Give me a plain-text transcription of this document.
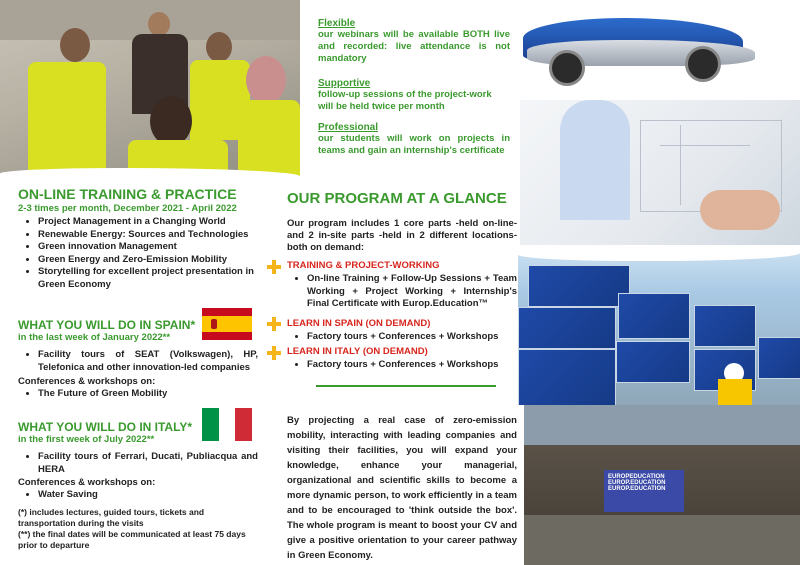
EUROPEDUCATION
EUROP.EDUCATION
EUROP.EDUCATION
Flexible
our webinars will be available BOTH live and recorded: live attendance is not mandatory
Supportive
follow-up sessions of the project-work will be held twice per month
Professional
our students will work on projects in teams and gain an internship's certificate
ON-LINE TRAINING & PRACTICE
2-3 times per month, December 2021 - April 2022
• Project Management in a Changing World
• Renewable Energy: Sources and Technologies
• Green innovation Management
• Green Energy and Zero-Emission Mobility
• Storytelling for excellent project presentation in Green Economy
WHAT YOU WILL DO IN SPAIN*
in the last week of January 2022**
• Facility tours of SEAT (Volkswagen), HP, Telefonica and other innovation-led companies
Conferences & workshops on:
• The Future of Green Mobility
WHAT YOU WILL DO IN ITALY*
in the first week of July 2022**
• Facility tours of Ferrari, Ducati, Publiacqua and HERA
Conferences & workshops on:
• Water Saving
(*) includes lectures, guided tours, tickets and transportation during the visits
(**) the final dates will be communicated at least 75 days prior to departure
OUR PROGRAM AT A GLANCE
Our program includes 1 core parts -held on-line- and 2 in-site parts -held in 2 different locations- both on demand:
TRAINING & PROJECT-WORKING
• On-line Training + Follow-Up Sessions + Team Working + Project Working + Internship's Final Certificate with Europ.Education™
LEARN IN SPAIN (ON DEMAND)
• Factory tours + Conferences + Workshops
LEARN IN ITALY (ON DEMAND)
• Factory tours + Conferences + Workshops
By projecting a real case of zero-emission mobility, interacting with leading companies and visiting their facilities, you will expand your knowledge, enhance your managerial, organizational and scientific skills to become a more dynamic person, to work efficiently in a team and to be encouraged to 'think outside the box'. The whole program is meant to boost your CV and give a positive orientation to your career pathway in Green Economy.
